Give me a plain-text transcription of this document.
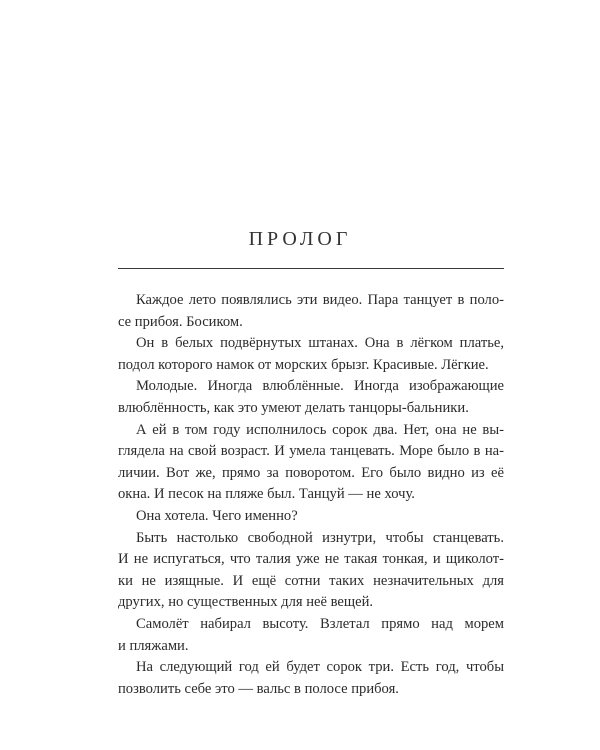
ПРОЛОГ

Каждое лето появлялись эти видео. Пара танцует в поло-
се прибоя. Босиком.

Он в белых подвёрнутых штанах. Она в лёгком платье,
подол которого намок от морских брызг. Красивые. Лёгкие.

Молодые. Иногда влюблённые. Иногда изображающие
влюблённость, как это умеют делать танцоры-бальники.

А ей в том году исполнилось сорок два. Нет, она не вы-
глядела на свой возраст. И умела танцевать. Море было в на-
личии. Вот же, прямо за поворотом. Его было видно из её
окна. И песок на пляже был. Танцуй — не хочу.

Она хотела. Чего именно?

Быть настолько свободной изнутри, чтобы станцевать.
И не испугаться, что талия уже не такая тонкая, и щиколот-
ки не изящные. И ещё сотни таких незначительных для
других, но существенных для неё вещей.

Самолёт набирал высоту. Взлетал прямо над морем
и пляжами.

На следующий год ей будет сорок три. Есть год, чтобы
позволить себе это — вальс в полосе прибоя.
